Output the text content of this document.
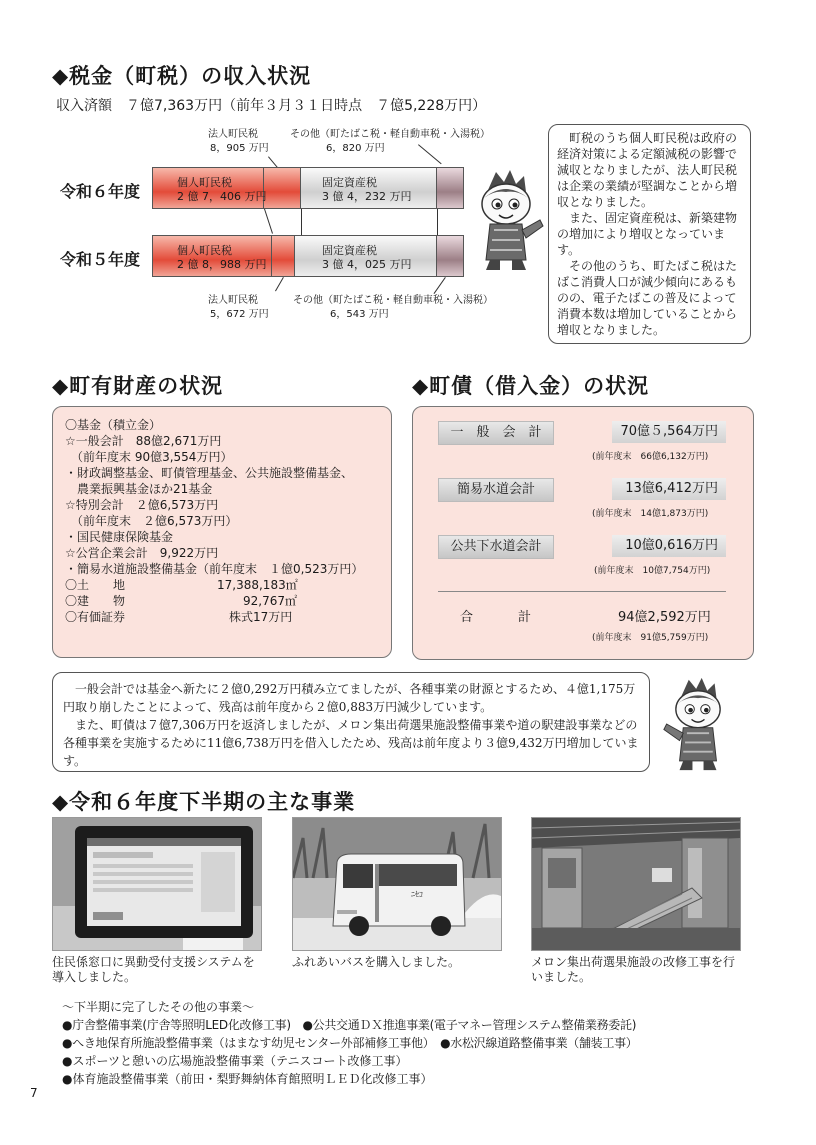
◆税金（町税）の収入状況
収入済額　７億7,363万円（前年３月３１日時点　７億5,228万円）
法人町民税
8，905 万円
その他（町たばこ税・軽自動車税・入湯税）
6，820 万円
令和６年度	個人町民税
2 億 7，406 万円
固定資産税
3 億 4，232 万円
令和５年度	個人町民税
2 億 8，988 万円
固定資産税
3 億 4，025 万円
法人町民税
5，672 万円
その他（町たばこ税・軽自動車税・入湯税）
6，543 万円
　町税のうち個人町民税は政府の経済対策による定額減税の影響で減収となりましたが、法人町民税は企業の業績が堅調なことから増収となりました。
　また、固定資産税は、新築建物の増加により増収となっています。
　その他のうち、町たばこ税はたばこ消費人口が減少傾向にあるものの、電子たばこの普及によって消費本数は増加していることから増収となりました。
◆町有財産の状況
〇基金（積立金）
☆一般会計　88億2,671万円
　（前年度末 90億3,554万円）
・財政調整基金、町債管理基金、公共施設整備基金、
　農業振興基金ほか21基金
☆特別会計　２億6,573万円
　（前年度末　２億6,573万円）
・国民健康保険基金
☆公営企業会計　9,922万円
・簡易水道施設整備基金（前年度末　１億0,523万円）
〇土　　地	17,388,183㎡
〇建　　物	92,767㎡
〇有価証券	株式17万円
◆町債（借入金）の状況
一　般　会　計	70億５,564万円
(前年度末　66億6,132万円)
簡易水道会計	13億6,412万円
(前年度末　14億1,873万円)
公共下水道会計	10億0,616万円
(前年度末　10億7,754万円)
合	計	94億2,592万円
(前年度末　91億5,759万円)
　一般会計では基金へ新たに２億0,292万円積み立てましたが、各種事業の財源とするため、４億1,175万円取り崩したことによって、残高は前年度から２億0,883万円減少しています。
　また、町債は７億7,306万円を返済しましたが、メロン集出荷選果施設整備事業や道の駅建設事業などの各種事業を実施するために11億6,738万円を借入したため、残高は前年度より３億9,432万円増加しています。
◆令和６年度下半期の主な事業
住民係窓口に異動受付支援システムを導入しました。
ﾆｾｺ
ふれあいバスを購入しました。	メロン集出荷選果施設の改修工事を行いました。
～下半期に完了したその他の事業～
●庁舎整備事業(庁舎等照明LED化改修工事)　●公共交通ＤＸ推進事業(電子マネー管理システム整備業務委託)
●へき地保育所施設整備事業（はまなす幼児センター外部補修工事他）　●水松沢線道路整備事業（舗装工事）
●スポーツと憩いの広場施設整備事業（テニスコート改修工事）
●体育施設整備事業（前田・梨野舞納体育館照明ＬＥＤ化改修工事）
7
